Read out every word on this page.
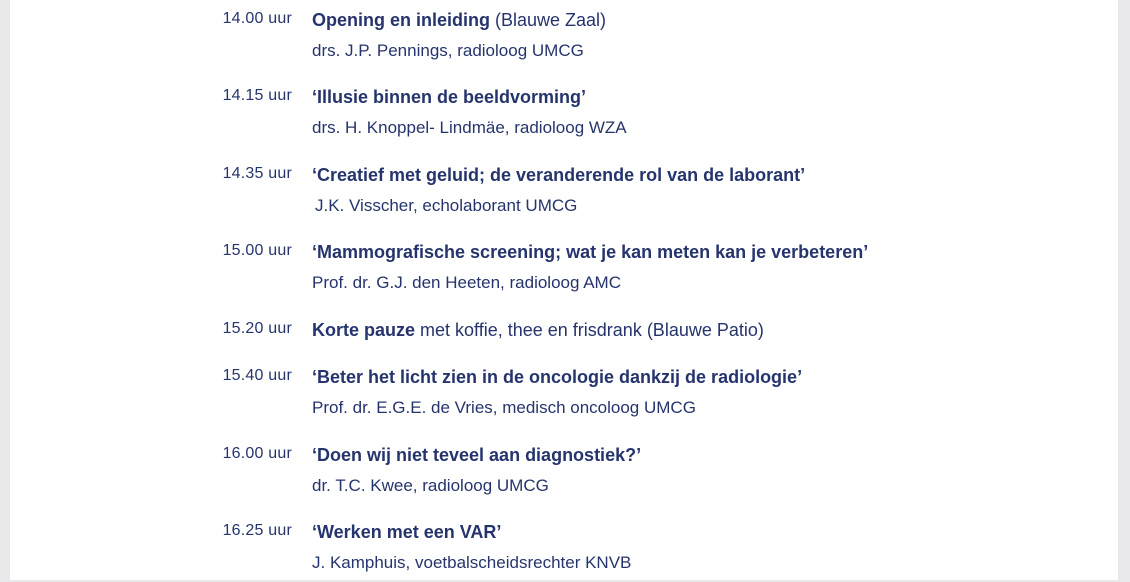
14.00 uur Opening en inleiding (Blauwe Zaal)
drs. J.P. Pennings, radioloog UMCG
14.15 uur ‘Illusie binnen de beeldvorming’
drs. H. Knoppel- Lindmäe, radioloog WZA
14.35 uur ‘Creatief met geluid; de veranderende rol van de laborant’
J.K. Visscher, echolaborant UMCG
15.00 uur ‘Mammografische screening; wat je kan meten kan je verbeteren’
Prof. dr. G.J. den Heeten, radioloog AMC
15.20 uur Korte pauze met koffie, thee en frisdrank (Blauwe Patio)
15.40 uur ‘Beter het licht zien in de oncologie dankzij de radiologie’
Prof. dr. E.G.E. de Vries, medisch oncoloog UMCG
16.00 uur ‘Doen wij niet teveel aan diagnostiek?’
dr. T.C. Kwee, radioloog UMCG
16.25 uur ‘Werken met een VAR’
J. Kamphuis, voetbalscheidsrechter KNVB
